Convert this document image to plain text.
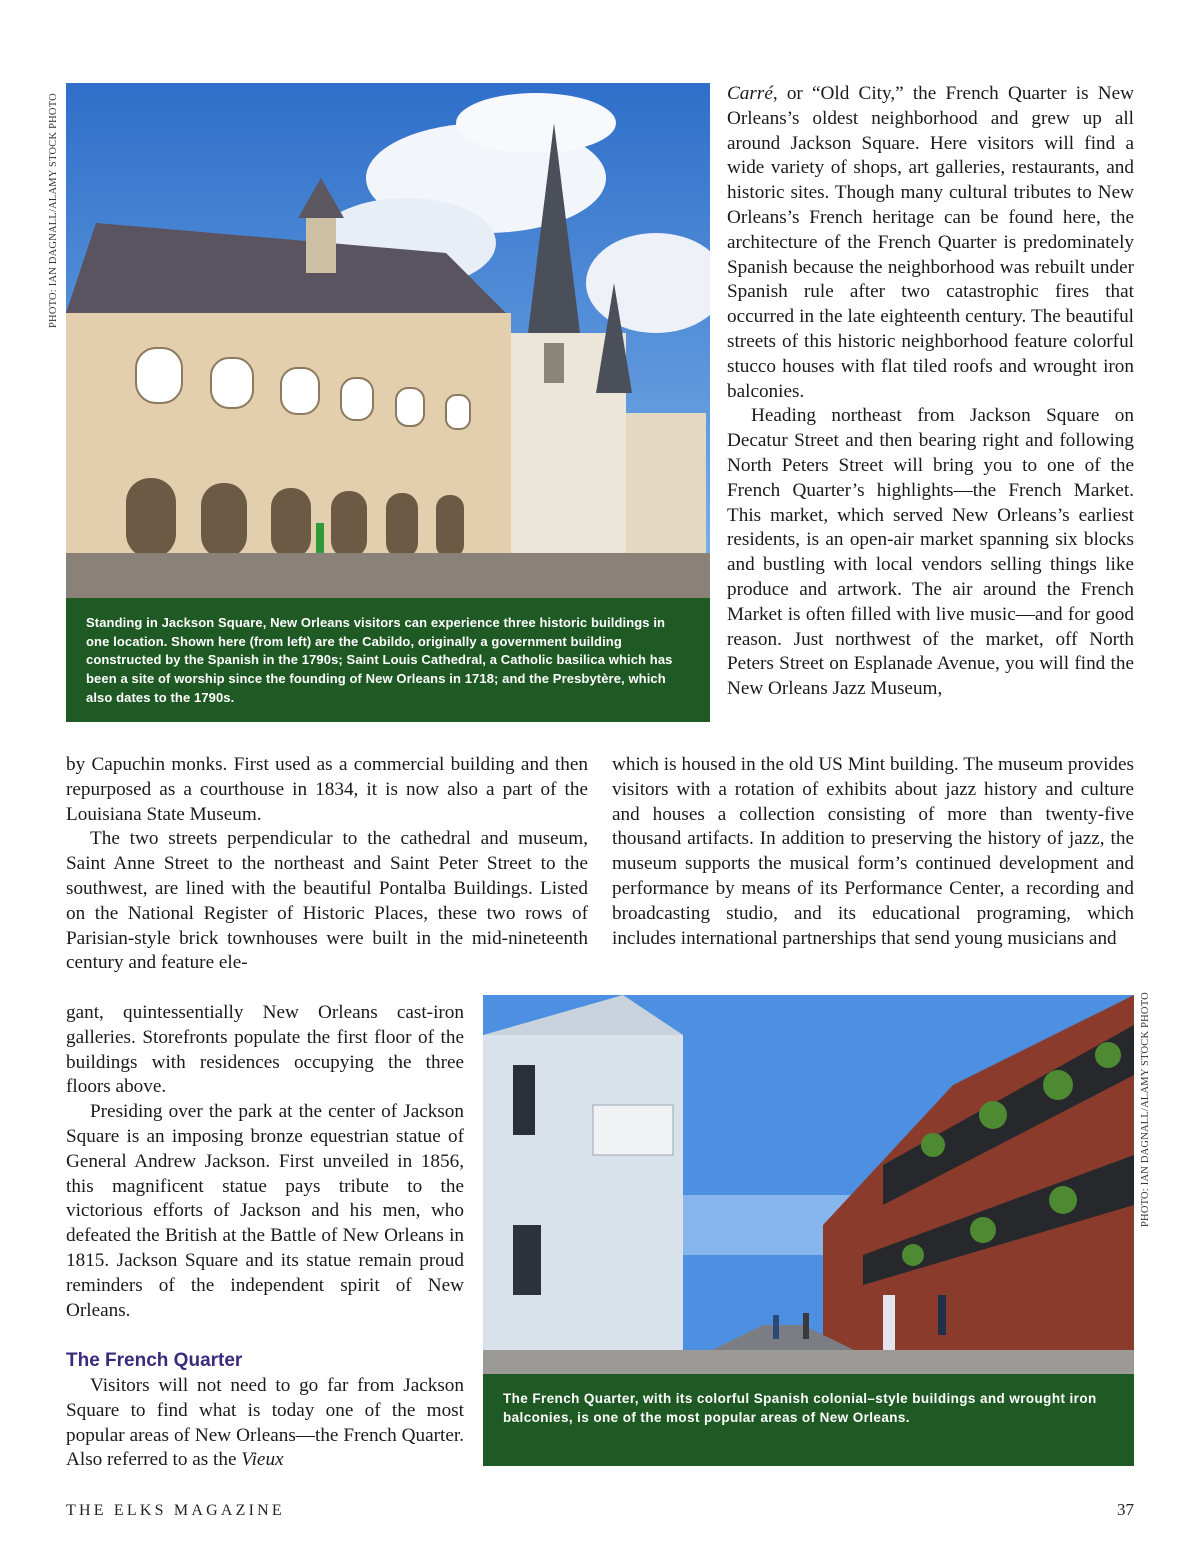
PHOTO: IAN DAGNALL/ALAMY STOCK PHOTO
PHOTO: IAN DAGNALL/ALAMY STOCK PHOTO
Standing in Jackson Square, New Orleans visitors can experience three historic buildings in one location. Shown here (from left) are the Cabildo, originally a government building constructed by the Spanish in the 1790s; Saint Louis Cathedral, a Catholic basilica which has been a site of worship since the founding of New Orleans in 1718; and the Presbytère, which also dates to the 1790s.

Carré, or “Old City,” the French Quarter is New Orleans’s oldest neighborhood and grew up all around Jackson Square. Here visitors will find a wide variety of shops, art galleries, restaurants, and historic sites. Though many cultural tributes to New Orleans’s French heritage can be found here, the architecture of the French Quarter is predominately Spanish because the neighborhood was rebuilt under Spanish rule after two catastrophic fires that occurred in the late eighteenth century. The beautiful streets of this historic neighborhood feature colorful stucco houses with flat tiled roofs and wrought iron balconies.

Heading northeast from Jackson Square on Decatur Street and then bearing right and following North Peters Street will bring you to one of the French Quarter’s highlights—the French Market. This market, which served New Orleans’s earliest residents, is an open-air market spanning six blocks and bustling with local vendors selling things like produce and artwork. The air around the French Market is often filled with live music—and for good reason. Just northwest of the market, off North Peters Street on Esplanade Avenue, you will find the New Orleans Jazz Museum,

which is housed in the old US Mint building. The museum provides visitors with a rotation of exhibits about jazz history and culture and houses a collection consisting of more than twenty-five thousand artifacts. In addition to preserving the history of jazz, the museum supports the musical form’s continued development and performance by means of its Performance Center, a recording and broadcasting studio, and its educational programing, which includes international partnerships that send young musicians and

by Capuchin monks. First used as a commercial building and then repurposed as a courthouse in 1834, it is now also a part of the Louisiana State Museum.

The two streets perpendicular to the cathedral and museum, Saint Anne Street to the northeast and Saint Peter Street to the southwest, are lined with the beautiful Pontalba Buildings. Listed on the National Register of Historic Places, these two rows of Parisian-style brick townhouses were built in the mid-nineteenth century and feature ele-

gant, quintessentially New Orleans cast-iron galleries. Storefronts populate the first floor of the buildings with residences occupying the three floors above.

Presiding over the park at the center of Jackson Square is an imposing bronze equestrian statue of General Andrew Jackson. First unveiled in 1856, this magnificent statue pays tribute to the victorious efforts of Jackson and his men, who defeated the British at the Battle of New Orleans in 1815. Jackson Square and its statue remain proud reminders of the independent spirit of New Orleans.

The French Quarter

Visitors will not need to go far from Jackson Square to find what is today one of the most popular areas of New Orleans—the French Quarter. Also referred to as the Vieux

The French Quarter, with its colorful Spanish colonial–style buildings and wrought iron balconies, is one of the most popular areas of New Orleans.
THE ELKS MAGAZINE	37
